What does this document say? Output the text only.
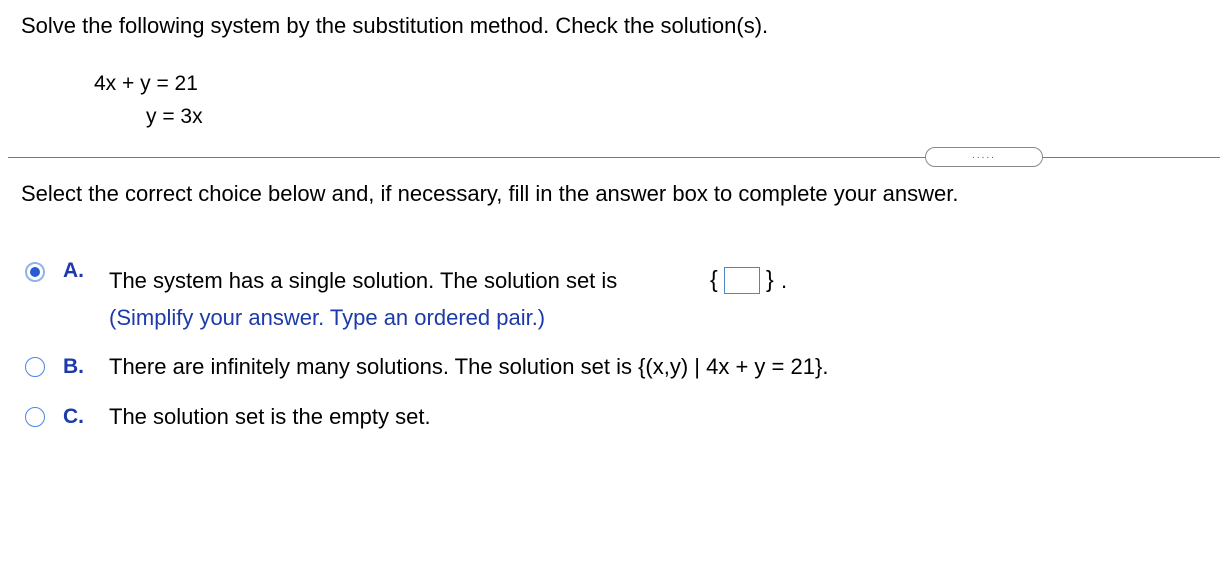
Solve the following system by the substitution method. Check the solution(s).
4x + y = 21
y = 3x
.....
Select the correct choice below and, if necessary, fill in the answer box to complete your answer.
A. The system has a single solution. The solution set is	{ } .
(Simplify your answer. Type an ordered pair.)
B. There are infinitely many solutions. The solution set is {(x,y) | 4x + y = 21}.
C. The solution set is the empty set.
